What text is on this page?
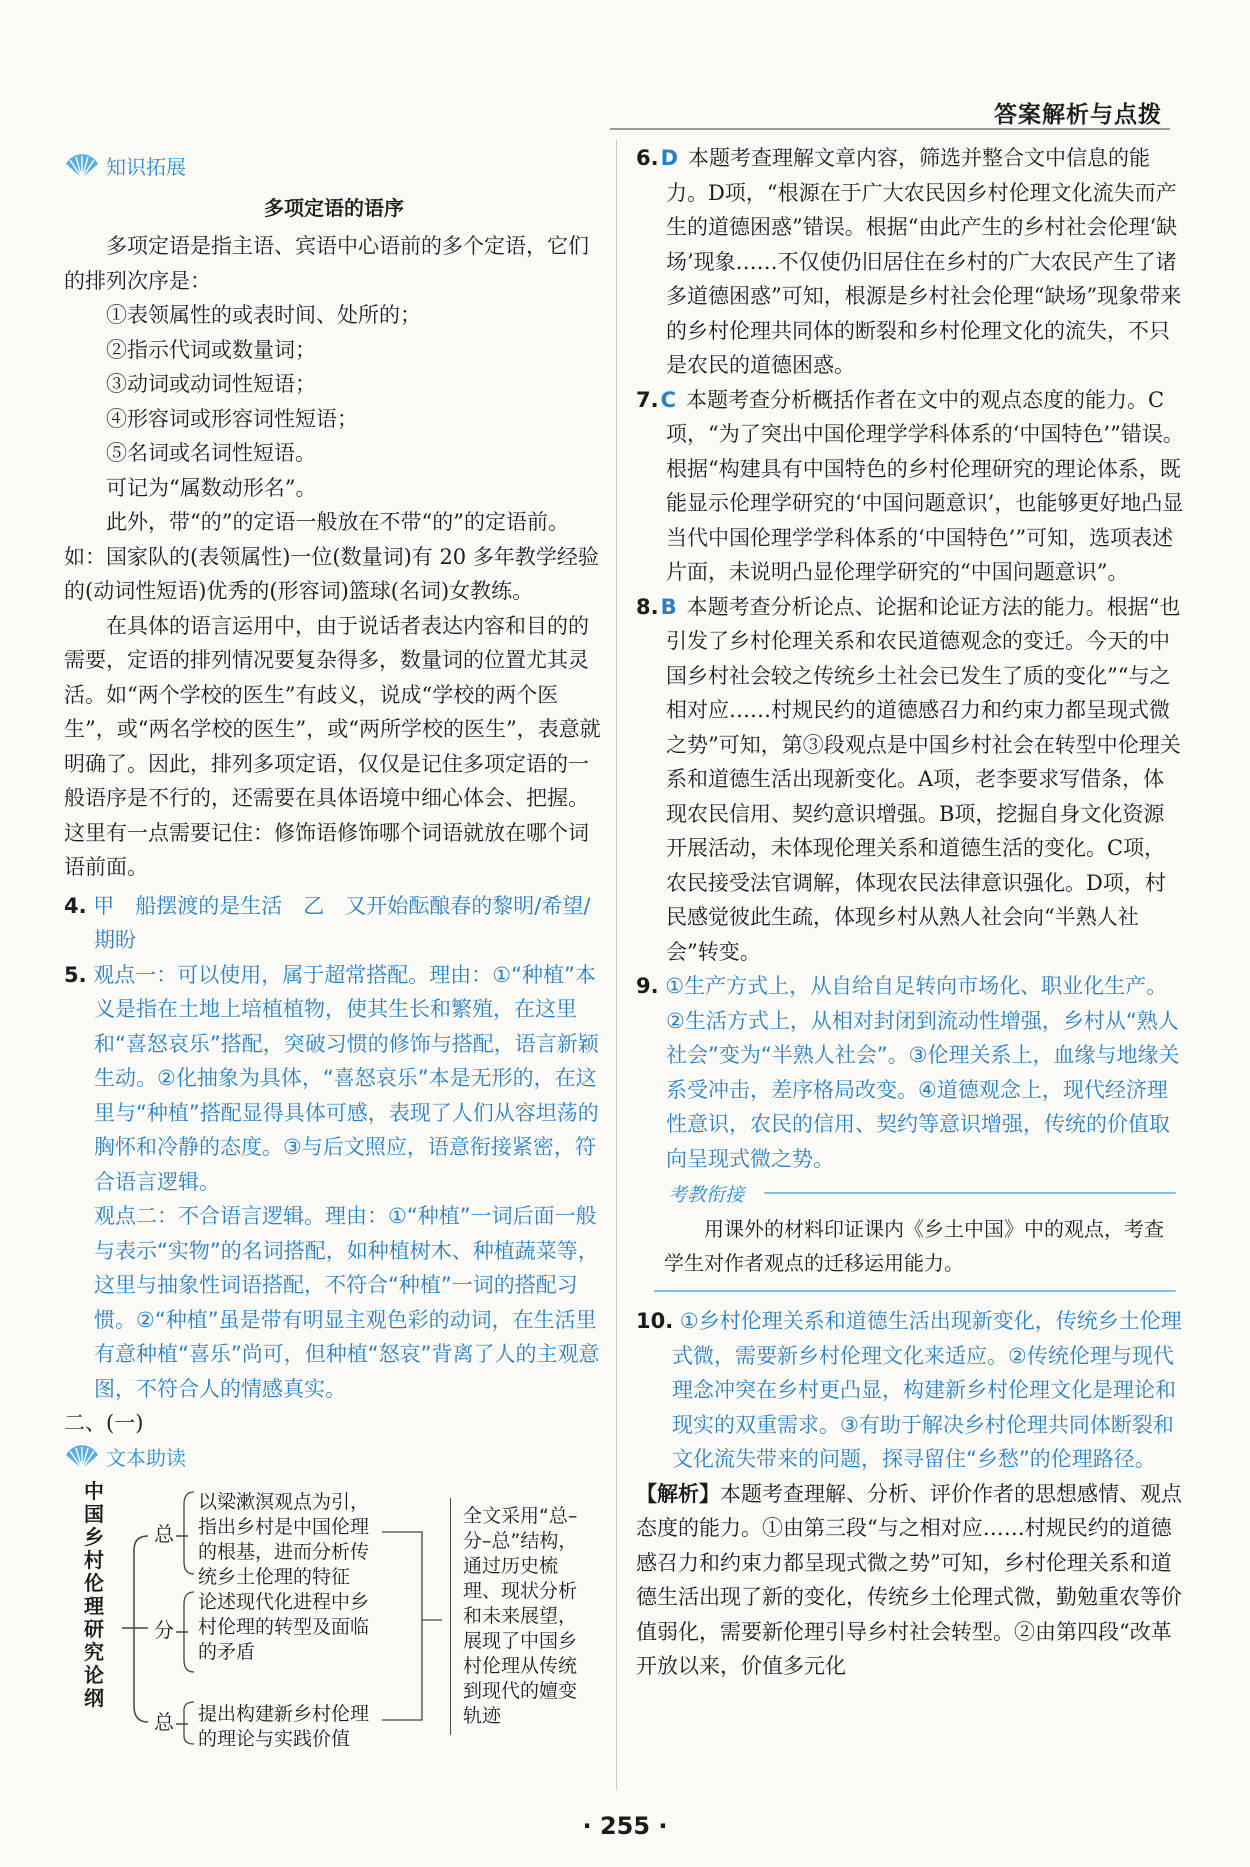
答案解析与点拨
知识拓展

多项定语的语序

多项定语是指主语、宾语中心语前的多个定语，它们的排列次序是：

①表领属性的或表时间、处所的；

②指示代词或数量词；

③动词或动词性短语；

④形容词或形容词性短语；

⑤名词或名词性短语。

可记为“属数动形名”。

此外，带“的”的定语一般放在不带“的”的定语前。如：国家队的(表领属性)一位(数量词)有 20 多年教学经验的(动词性短语)优秀的(形容词)篮球(名词)女教练。

在具体的语言运用中，由于说话者表达内容和目的的需要，定语的排列情况要复杂得多，数量词的位置尤其灵活。如“两个学校的医生”有歧义，说成“学校的两个医生”，或“两名学校的医生”，或“两所学校的医生”，表意就明确了。因此，排列多项定语，仅仅是记住多项定语的一般语序是不行的，还需要在具体语境中细心体会、把握。这里有一点需要记住：修饰语修饰哪个词语就放在哪个词语前面。

4. 甲　船摆渡的是生活　乙　又开始酝酿春的黎明/希望/期盼

5. 观点一：可以使用，属于超常搭配。理由：①“种植”本义是指在土地上培植植物，使其生长和繁殖，在这里和“喜怒哀乐”搭配，突破习惯的修饰与搭配，语言新颖生动。②化抽象为具体，“喜怒哀乐”本是无形的，在这里与“种植”搭配显得具体可感，表现了人们从容坦荡的胸怀和冷静的态度。③与后文照应，语意衔接紧密，符合语言逻辑。

观点二：不合语言逻辑。理由：①“种植”一词后面一般与表示“实物”的名词搭配，如种植树木、种植蔬菜等，这里与抽象性词语搭配，不符合“种植”一词的搭配习惯。②“种植”虽是带有明显主观色彩的动词，在生活里有意种植“喜乐”尚可，但种植“怒哀”背离了人的主观意图，不符合人的情感真实。

二、(一)

文本助读
中国乡村伦理研究论纲
总
分
总
以梁漱溟观点为引，指出乡村是中国伦理的根基，进而分析传统乡土伦理的特征
论述现代化进程中乡村伦理的转型及面临的矛盾
提出构建新乡村伦理的理论与实践价值
全文采用“总–分–总”结构，通过历史梳理、现状分析和未来展望，展现了中国乡村伦理从传统到现代的嬗变轨迹

6.D 本题考查理解文章内容，筛选并整合文中信息的能力。D项，“根源在于广大农民因乡村伦理文化流失而产生的道德困惑”错误。根据“由此产生的乡村社会伦理‘缺场’现象……不仅使仍旧居住在乡村的广大农民产生了诸多道德困惑”可知，根源是乡村社会伦理“缺场”现象带来的乡村伦理共同体的断裂和乡村伦理文化的流失，不只是农民的道德困惑。

7.C 本题考查分析概括作者在文中的观点态度的能力。C项，“为了突出中国伦理学学科体系的‘中国特色’”错误。根据“构建具有中国特色的乡村伦理研究的理论体系，既能显示伦理学研究的‘中国问题意识’，也能够更好地凸显当代中国伦理学学科体系的‘中国特色’”可知，选项表述片面，未说明凸显伦理学研究的“中国问题意识”。

8.B 本题考查分析论点、论据和论证方法的能力。根据“也引发了乡村伦理关系和农民道德观念的变迁。今天的中国乡村社会较之传统乡土社会已发生了质的变化”“与之相对应……村规民约的道德感召力和约束力都呈现式微之势”可知，第③段观点是中国乡村社会在转型中伦理关系和道德生活出现新变化。A项，老李要求写借条，体现农民信用、契约意识增强。B项，挖掘自身文化资源开展活动，未体现伦理关系和道德生活的变化。C项，农民接受法官调解，体现农民法律意识强化。D项，村民感觉彼此生疏，体现乡村从熟人社会向“半熟人社会”转变。

9. ①生产方式上，从自给自足转向市场化、职业化生产。②生活方式上，从相对封闭到流动性增强，乡村从“熟人社会”变为“半熟人社会”。③伦理关系上，血缘与地缘关系受冲击，差序格局改变。④道德观念上，现代经济理性意识，农民的信用、契约等意识增强，传统的价值取向呈现式微之势。

考教衔接

用课外的材料印证课内《乡土中国》中的观点，考查学生对作者观点的迁移运用能力。

10. ①乡村伦理关系和道德生活出现新变化，传统乡土伦理式微，需要新乡村伦理文化来适应。②传统伦理与现代理念冲突在乡村更凸显，构建新乡村伦理文化是理论和现实的双重需求。③有助于解决乡村伦理共同体断裂和文化流失带来的问题，探寻留住“乡愁”的伦理路径。

【解析】本题考查理解、分析、评价作者的思想感情、观点态度的能力。①由第三段“与之相对应……村规民约的道德感召力和约束力都呈现式微之势”可知，乡村伦理关系和道德生活出现了新的变化，传统乡土伦理式微，勤勉重农等价值弱化，需要新伦理引导乡村社会转型。②由第四段“改革开放以来，价值多元化

· 255 ·
